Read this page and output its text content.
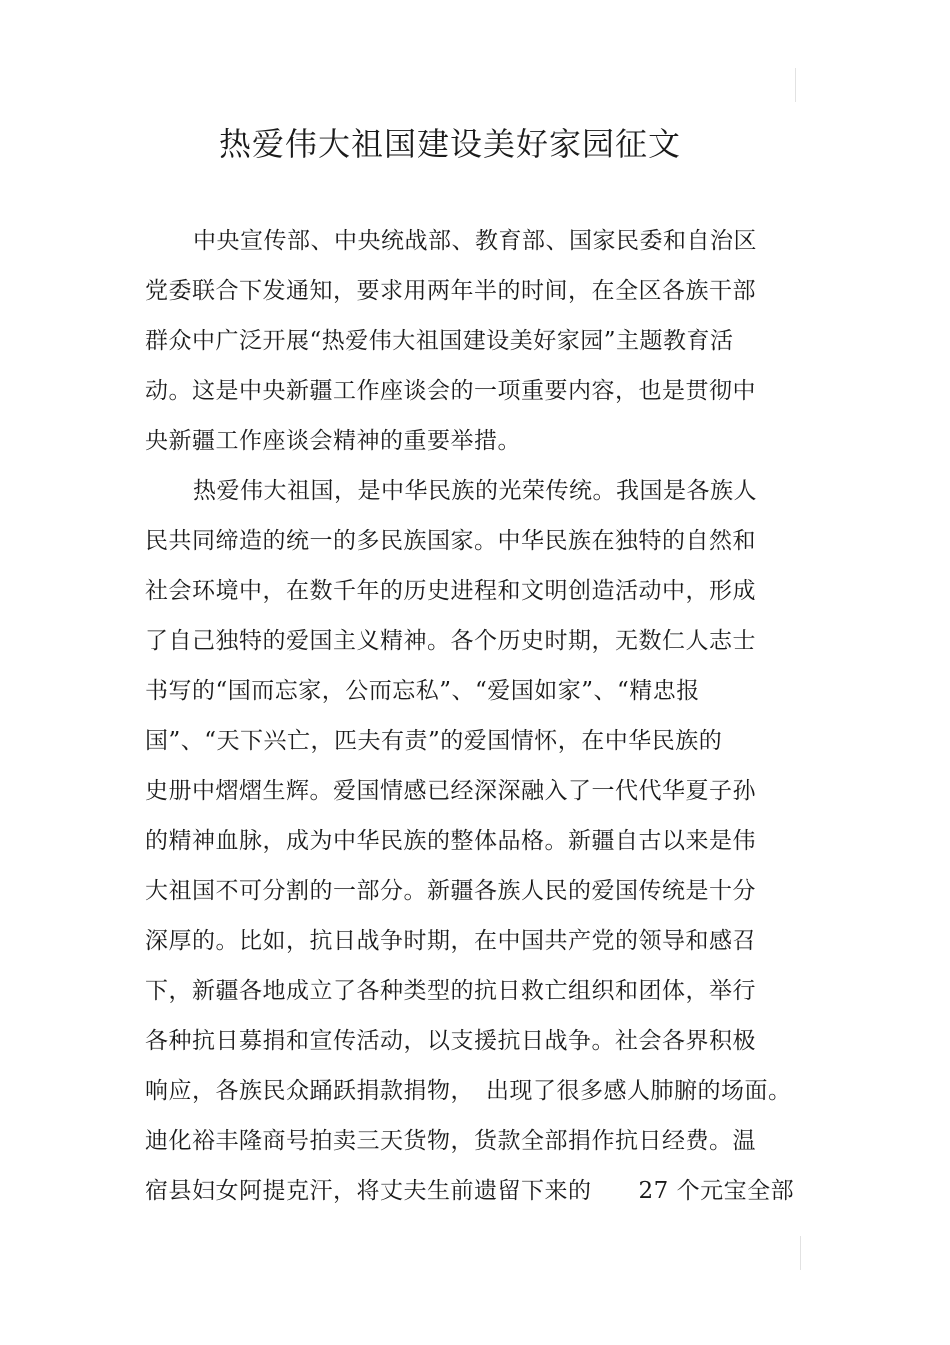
热爱伟大祖国建设美好家园征文
中央宣传部、中央统战部、教育部、国家民委和自治区
党委联合下发通知，要求用两年半的时间，在全区各族干部
群众中广泛开展“热爱伟大祖国建设美好家园”主题教育活
动。这是中央新疆工作座谈会的一项重要内容，也是贯彻中
央新疆工作座谈会精神的重要举措。
热爱伟大祖国，是中华民族的光荣传统。我国是各族人
民共同缔造的统一的多民族国家。中华民族在独特的自然和
社会环境中，在数千年的历史进程和文明创造活动中，形成
了自己独特的爱国主义精神。各个历史时期，无数仁人志士
书写的“国而忘家，公而忘私”、“爱国如家”、“精忠报
国”、“天下兴亡，匹夫有责”的爱国情怀，在中华民族的
史册中熠熠生辉。爱国情感已经深深融入了一代代华夏子孙
的精神血脉，成为中华民族的整体品格。新疆自古以来是伟
大祖国不可分割的一部分。新疆各族人民的爱国传统是十分
深厚的。比如，抗日战争时期，在中国共产党的领导和感召
下，新疆各地成立了各种类型的抗日救亡组织和团体，举行
各种抗日募捐和宣传活动，以支援抗日战争。社会各界积极
响应，各族民众踊跃捐款捐物，　出现了很多感人肺腑的场面。
迪化裕丰隆商号拍卖三天货物，货款全部捐作抗日经费。温
宿县妇女阿提克汗，将丈夫生前遗留下来的　　27 个元宝全部
